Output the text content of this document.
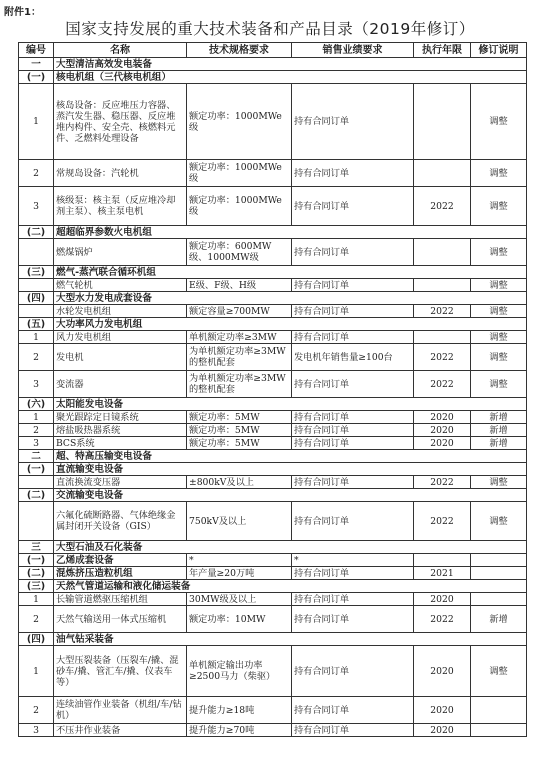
附件1：
国家支持发展的重大技术装备和产品目录（2019年修订）
编号	名称	技术规格要求	销售业绩要求	执行年限	修订说明
一	大型清洁高效发电装备				
(一)	核电机组（三代核电机组）				
1	核岛设备：反应堆压力容器、蒸汽发生器、稳压器、反应堆堆内构件、安全壳、核燃料元件、乏燃料处理设备	额定功率：1000MWe级	持有合同订单		调整
2	常规岛设备：汽轮机	额定功率：1000MWe级	持有合同订单		调整
3	核级泵：核主泵（反应堆冷却剂主泵）、核主泵电机	额定功率：1000MWe级	持有合同订单	2022	调整
(二)	超超临界参数火电机组				
	燃煤锅炉	额定功率：600MW级、1000MW级	持有合同订单		调整
(三)	燃气-蒸汽联合循环机组				
	燃气轮机	E级、F级、H级	持有合同订单		调整
(四)	大型水力发电成套设备				
	水轮发电机组	额定容量≥700MW	持有合同订单	2022	调整
(五)	大功率风力发电机组				
1	风力发电机组	单机额定功率≥3MW	持有合同订单		调整
2	发电机	为单机额定功率≥3MW的整机配套	发电机年销售量≥100台	2022	调整
3	变流器	为单机额定功率≥3MW的整机配套	持有合同订单	2022	调整
(六)	太阳能发电设备				
1	聚光跟踪定日镜系统	额定功率：5MW	持有合同订单	2020	新增
2	熔盐吸热器系统	额定功率：5MW	持有合同订单	2020	新增
3	BCS系统	额定功率：5MW	持有合同订单	2020	新增
二	超、特高压输变电设备				
(一)	直流输变电设备				
	直流换流变压器	±800kV及以上	持有合同订单	2022	调整
(二)	交流输变电设备				
	六氟化硫断路器、气体绝缘金属封闭开关设备（GIS）	750kV及以上	持有合同订单	2022	调整
三	大型石油及石化装备				
(一)	乙烯成套设备	*	*		
(二)	混炼挤压造粒机组	年产量≥20万吨	持有合同订单	2021	
(三)	天然气管道运输和液化储运装备				
1	长输管道燃驱压缩机组	30MW级及以上	持有合同订单	2020	
2	天然气输送用一体式压缩机	额定功率：10MW	持有合同订单	2022	新增
(四)	油气钻采装备				
1	大型压裂装备（压裂车/撬、混砂车/撬、管汇车/撬、仪表车等）	单机额定输出功率≥2500马力（柴驱）	持有合同订单	2020	调整
2	连续油管作业装备（机组/车/钻机）	提升能力≥18吨	持有合同订单	2020	
3	不压井作业装备	提升能力≥70吨	持有合同订单	2020	
